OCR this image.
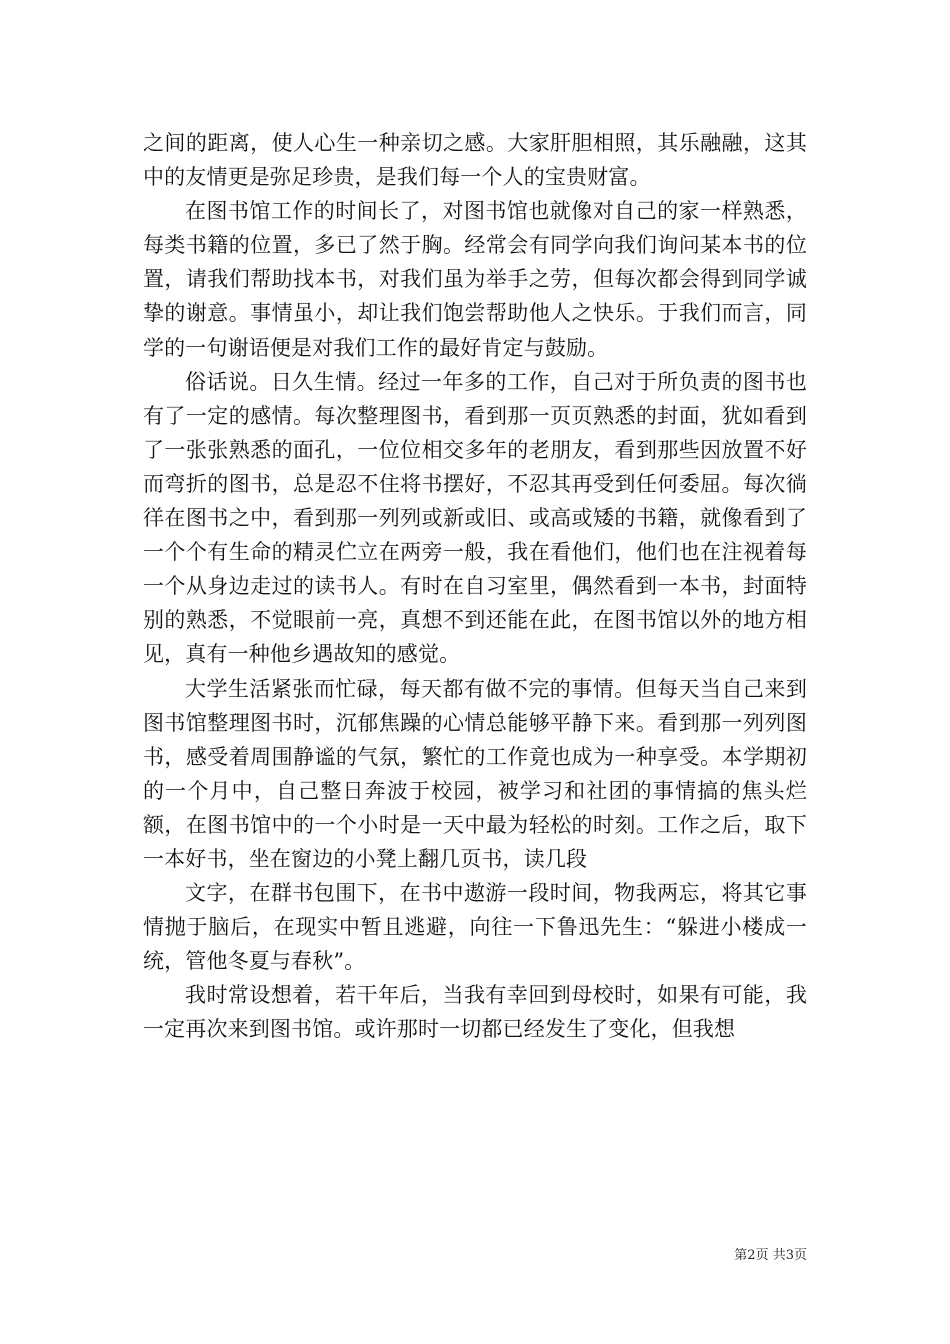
之间的距离，使人心生一种亲切之感。大家肝胆相照，其乐融融，这其中的友情更是弥足珍贵，是我们每一个人的宝贵财富。

在图书馆工作的时间长了，对图书馆也就像对自己的家一样熟悉，每类书籍的位置，多已了然于胸。经常会有同学向我们询问某本书的位置，请我们帮助找本书，对我们虽为举手之劳，但每次都会得到同学诚挚的谢意。事情虽小，却让我们饱尝帮助他人之快乐。于我们而言，同学的一句谢语便是对我们工作的最好肯定与鼓励。

俗话说。日久生情。经过一年多的工作，自己对于所负责的图书也有了一定的感情。每次整理图书，看到那一页页熟悉的封面，犹如看到了一张张熟悉的面孔，一位位相交多年的老朋友，看到那些因放置不好而弯折的图书，总是忍不住将书摆好，不忍其再受到任何委屈。每次徜徉在图书之中，看到那一列列或新或旧、或高或矮的书籍，就像看到了一个个有生命的精灵伫立在两旁一般，我在看他们，他们也在注视着每一个从身边走过的读书人。有时在自习室里，偶然看到一本书，封面特别的熟悉，不觉眼前一亮，真想不到还能在此，在图书馆以外的地方相见，真有一种他乡遇故知的感觉。

大学生活紧张而忙碌，每天都有做不完的事情。但每天当自己来到图书馆整理图书时，沉郁焦躁的心情总能够平静下来。看到那一列列图书，感受着周围静谧的气氛，繁忙的工作竟也成为一种享受。本学期初的一个月中，自己整日奔波于校园，被学习和社团的事情搞的焦头烂额，在图书馆中的一个小时是一天中最为轻松的时刻。工作之后，取下一本好书，坐在窗边的小凳上翻几页书，读几段

文字，在群书包围下，在书中遨游一段时间，物我两忘，将其它事情抛于脑后，在现实中暂且逃避，向往一下鲁迅先生：“躲进小楼成一统，管他冬夏与春秋”。

我时常设想着，若干年后，当我有幸回到母校时，如果有可能，我一定再次来到图书馆。或许那时一切都已经发生了变化，但我想

第2页 共3页
